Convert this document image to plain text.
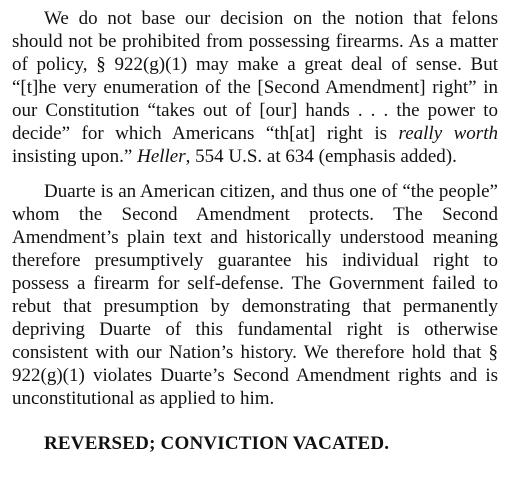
We do not base our decision on the notion that felons should not be prohibited from possessing firearms. As a matter of policy, § 922(g)(1) may make a great deal of sense. But “[t]he very enumeration of the [Second Amendment] right” in our Constitution “takes out of [our] hands . . . the power to decide” for which Americans “th[at] right is really worth insisting upon.” Heller, 554 U.S. at 634 (emphasis added).

Duarte is an American citizen, and thus one of “the people” whom the Second Amendment protects. The Second Amendment’s plain text and historically understood meaning therefore presumptively guarantee his individual right to possess a firearm for self-defense. The Government failed to rebut that presumption by demonstrating that permanently depriving Duarte of this fundamental right is otherwise consistent with our Nation’s history. We therefore hold that § 922(g)(1) violates Duarte’s Second Amendment rights and is unconstitutional as applied to him.

REVERSED; CONVICTION VACATED.
